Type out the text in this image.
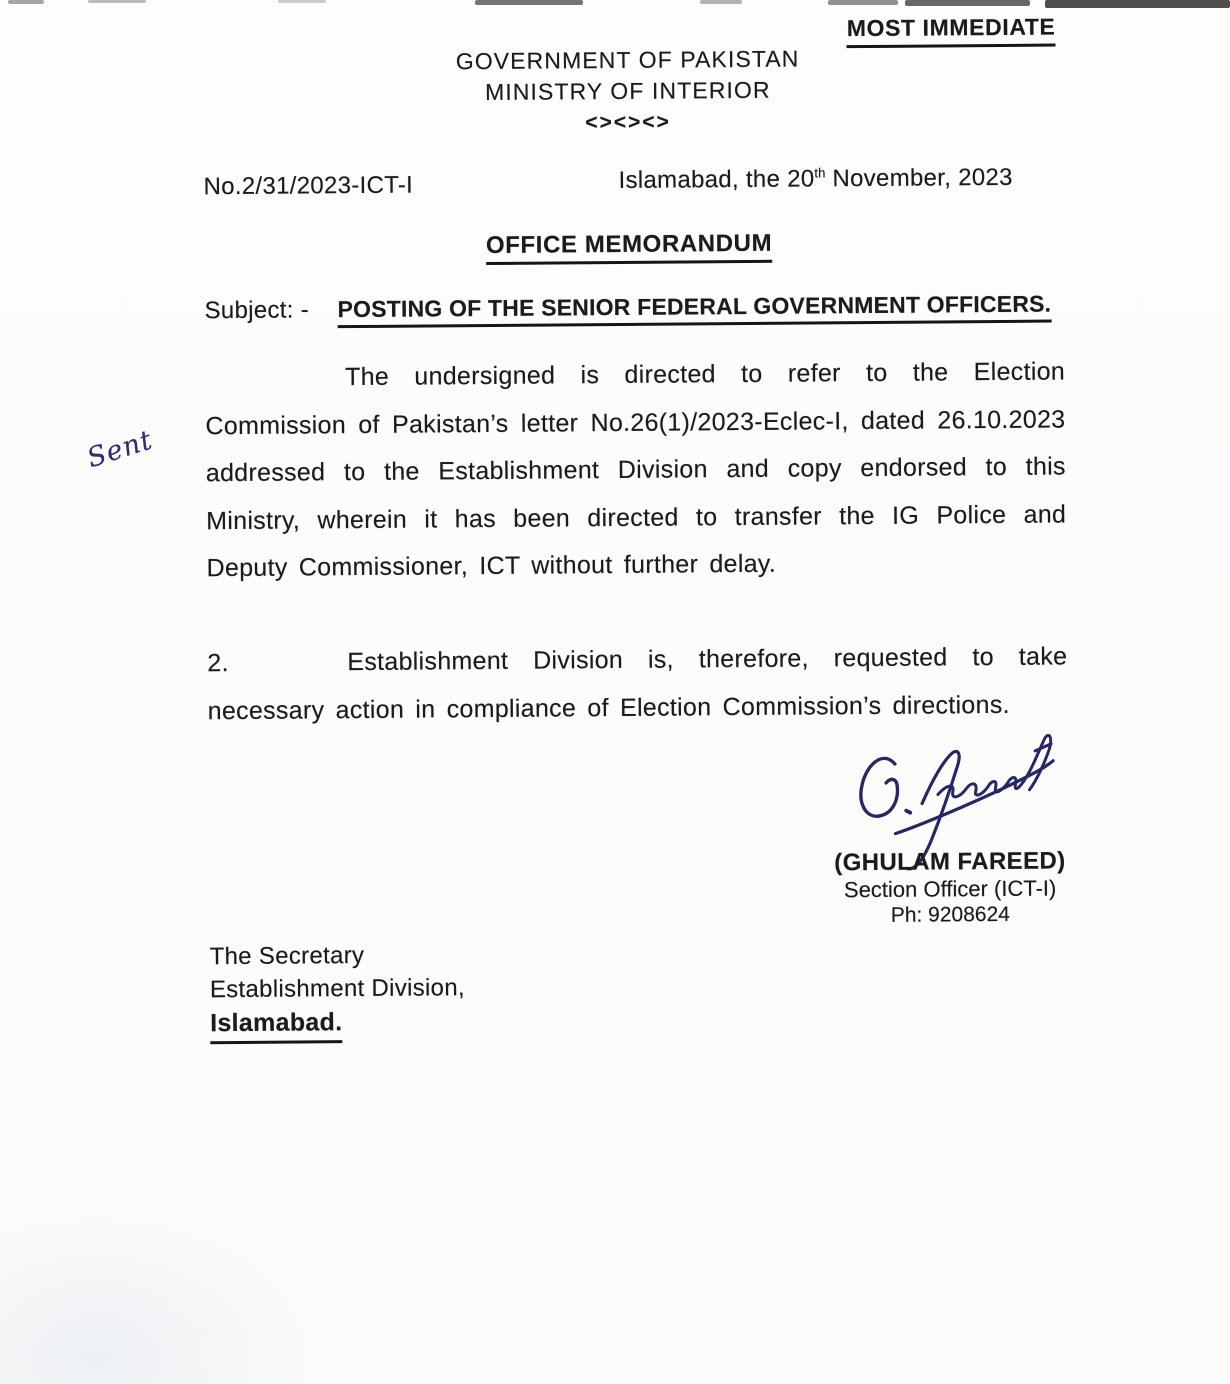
MOST IMMEDIATE
GOVERNMENT OF PAKISTAN
MINISTRY OF INTERIOR
<><><>
No.2/31/2023-ICT-I	Islamabad, the 20th November, 2023
OFFICE MEMORANDUM
Subject: - POSTING OF THE SENIOR FEDERAL GOVERNMENT OFFICERS.

The undersigned is directed to refer to the Election Commission of Pakistan’s letter No.26(1)/2023-Eclec-I, dated 26.10.2023 addressed to the Establishment Division and copy endorsed to this Ministry, wherein it has been directed to transfer the IG Police and Deputy Commissioner, ICT without further delay.

2.	Establishment Division is, therefore, requested to take necessary action in compliance of Election Commission’s directions.

(GHULAM FAREED)
Section Officer (ICT-I)
Ph: 9208624
The Secretary
Establishment Division,
Islamabad.
Sent
